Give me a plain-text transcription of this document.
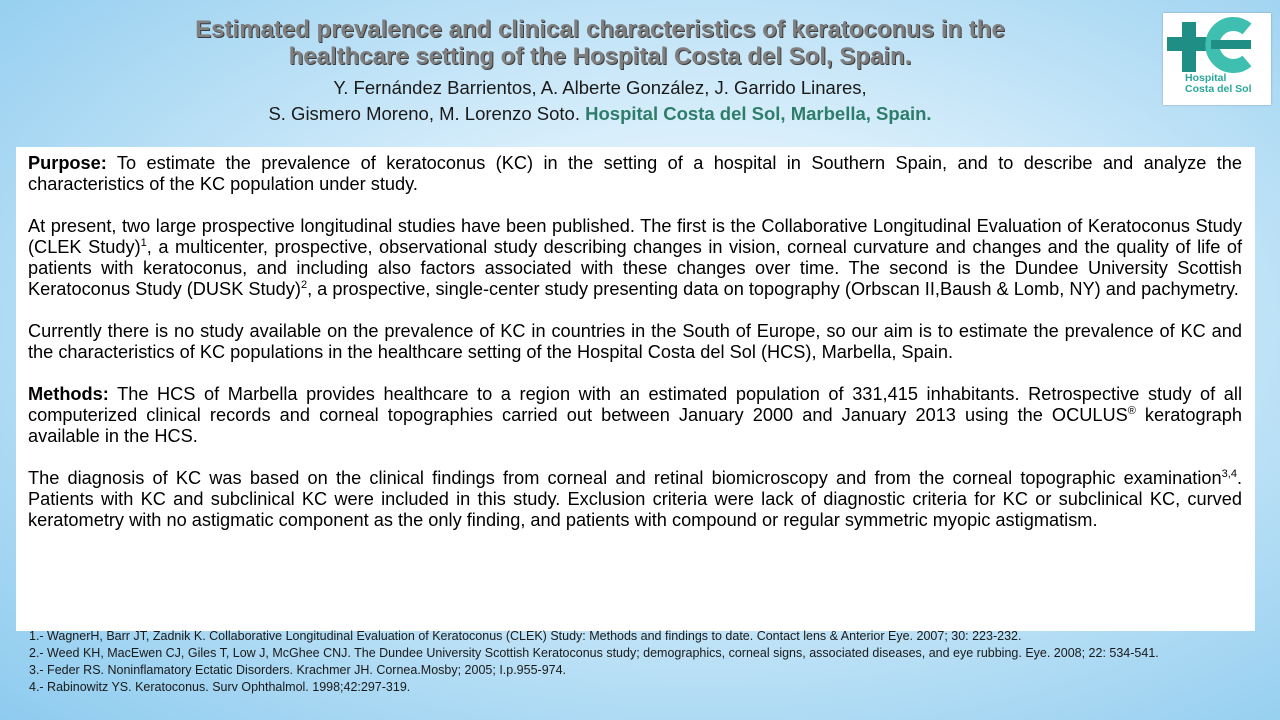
Estimated prevalence and clinical characteristics of keratoconus in the
healthcare setting of the Hospital Costa del Sol, Spain.
Y. Fernández Barrientos, A. Alberte González, J. Garrido Linares,
S. Gismero Moreno, M. Lorenzo Soto. Hospital Costa del Sol, Marbella, Spain.
Hospital
Costa del Sol

Purpose: To estimate the prevalence of keratoconus (KC) in the setting of a hospital in Southern Spain, and to describe and analyze the characteristics of the KC population under study.

At present, two large prospective longitudinal studies have been published. The first is the Collaborative Longitudinal Evaluation of Keratoconus Study (CLEK Study)$^1$, a multicenter, prospective, observational study describing changes in vision, corneal curvature and changes and the quality of life of patients with keratoconus, and including also factors associated with these changes over time. The second is the Dundee University Scottish Keratoconus Study (DUSK Study)$^2$, a prospective, single-center study presenting data on topography (Orbscan II,Baush & Lomb, NY) and pachymetry.

Currently there is no study available on the prevalence of KC in countries in the South of Europe, so our aim is to estimate the prevalence of KC and the characteristics of KC populations in the healthcare setting of the Hospital Costa del Sol (HCS), Marbella, Spain.

Methods: The HCS of Marbella provides healthcare to a region with an estimated population of 331,415 inhabitants. Retrospective study of all computerized clinical records and corneal topographies carried out between January 2000 and January 2013 using the OCULUS® keratograph available in the HCS.

The diagnosis of KC was based on the clinical findings from corneal and retinal biomicroscopy and from the corneal topographic examination$^{3,4}$. Patients with KC and subclinical KC were included in this study. Exclusion criteria were lack of diagnostic criteria for KC or subclinical KC, curved keratometry with no astigmatic component as the only finding, and patients with compound or regular symmetric myopic astigmatism.

1.- WagnerH, Barr JT, Zadnik K. Collaborative Longitudinal Evaluation of Keratoconus (CLEK) Study: Methods and findings to date. Contact lens & Anterior Eye. 2007; 30: 223-232.
2.- Weed KH, MacEwen CJ, Giles T, Low J, McGhee CNJ. The Dundee University Scottish Keratoconus study; demographics, corneal signs, associated diseases, and eye rubbing. Eye. 2008; 22: 534-541.
3.- Feder RS. Noninflamatory Ectatic Disorders. Krachmer JH. Cornea.Mosby; 2005; I.p.955-974.
4.- Rabinowitz YS. Keratoconus. Surv Ophthalmol. 1998;42:297-319.
